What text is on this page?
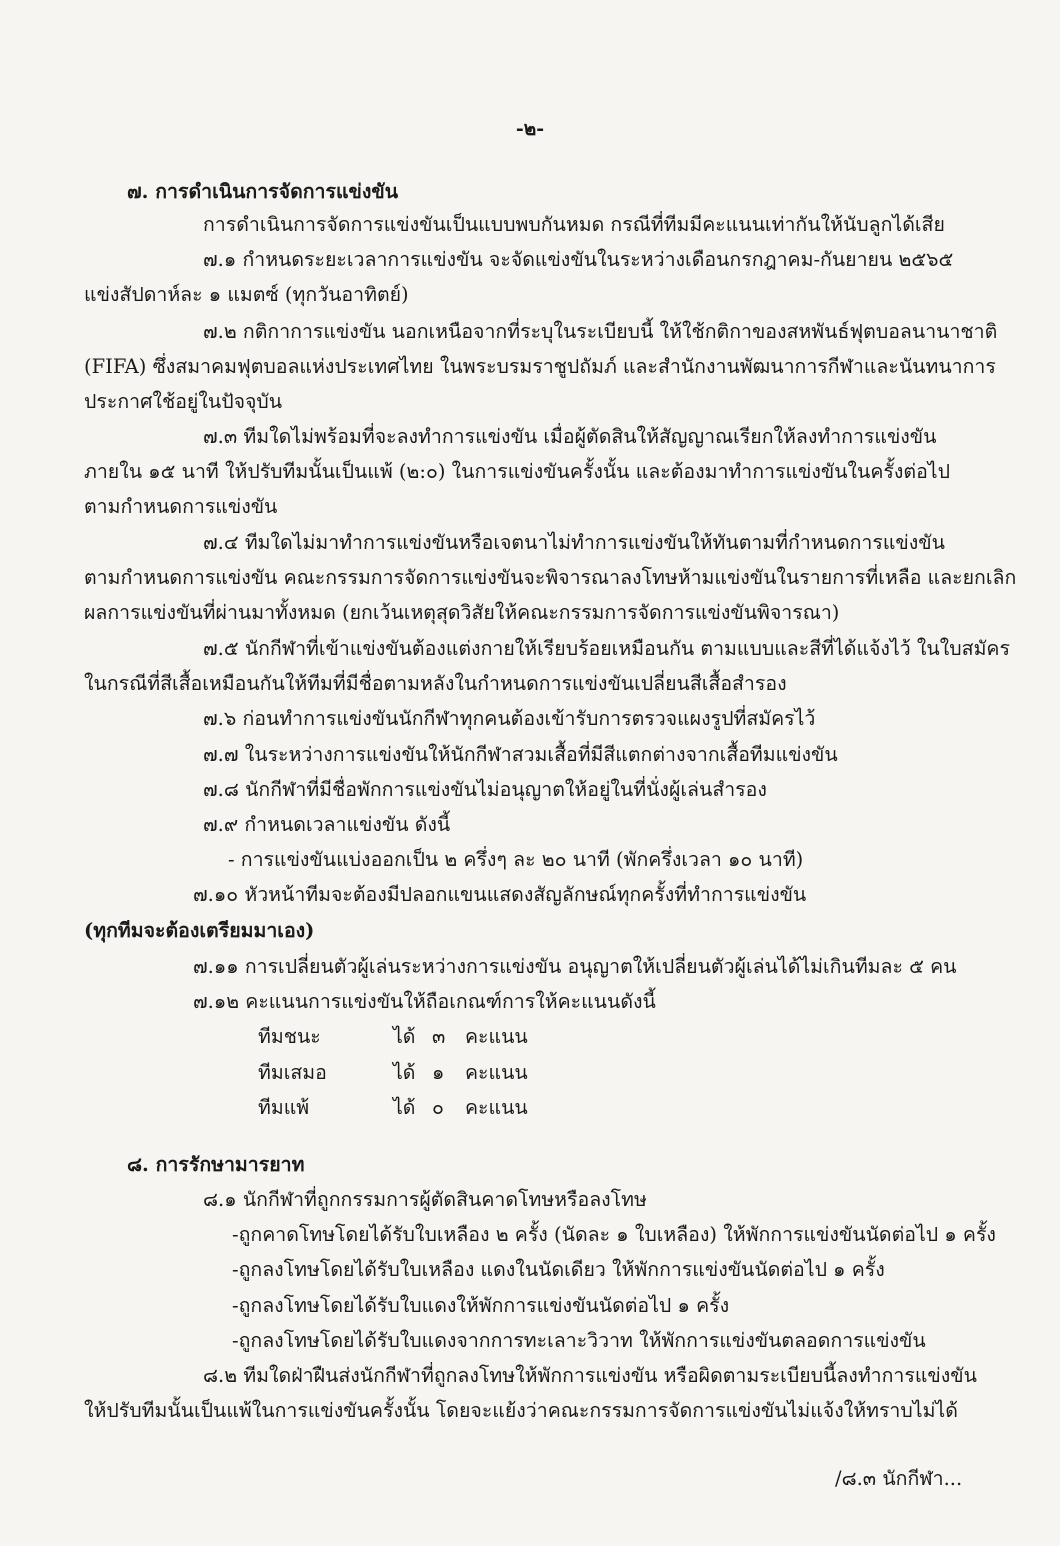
-๒-

๗. การดำเนินการจัดการแข่งขัน

การดำเนินการจัดการแข่งขันเป็นแบบพบกันหมด กรณีที่ทีมมีคะแนนเท่ากันให้นับลูกได้เสีย

๗.๑ กำหนดระยะเวลาการแข่งขัน จะจัดแข่งขันในระหว่างเดือนกรกฎาคม-กันยายน ๒๕๖๕

แข่งสัปดาห์ละ ๑ แมตซ์ (ทุกวันอาทิตย์)

๗.๒ กติกาการแข่งขัน นอกเหนือจากที่ระบุในระเบียบนี้ ให้ใช้กติกาของสหพันธ์ฟุตบอลนานาชาติ

(FIFA) ซึ่งสมาคมฟุตบอลแห่งประเทศไทย ในพระบรมราชูปถัมภ์ และสำนักงานพัฒนาการกีฬาและนันทนาการ

ประกาศใช้อยู่ในปัจจุบัน

๗.๓ ทีมใดไม่พร้อมที่จะลงทำการแข่งขัน เมื่อผู้ตัดสินให้สัญญาณเรียกให้ลงทำการแข่งขัน

ภายใน ๑๕ นาที ให้ปรับทีมนั้นเป็นแพ้ (๒:๐) ในการแข่งขันครั้งนั้น และต้องมาทำการแข่งขันในครั้งต่อไป

ตามกำหนดการแข่งขัน

๗.๔ ทีมใดไม่มาทำการแข่งขันหรือเจตนาไม่ทำการแข่งขันให้ทันตามที่กำหนดการแข่งขัน

ตามกำหนดการแข่งขัน คณะกรรมการจัดการแข่งขันจะพิจารณาลงโทษห้ามแข่งขันในรายการที่เหลือ และยกเลิก

ผลการแข่งขันที่ผ่านมาทั้งหมด (ยกเว้นเหตุสุดวิสัยให้คณะกรรมการจัดการแข่งขันพิจารณา)

๗.๕ นักกีฬาที่เข้าแข่งขันต้องแต่งกายให้เรียบร้อยเหมือนกัน ตามแบบและสีที่ได้แจ้งไว้ ในใบสมัคร

ในกรณีที่สีเสื้อเหมือนกันให้ทีมที่มีชื่อตามหลังในกำหนดการแข่งขันเปลี่ยนสีเสื้อสำรอง

๗.๖ ก่อนทำการแข่งขันนักกีฬาทุกคนต้องเข้ารับการตรวจแผงรูปที่สมัครไว้

๗.๗ ในระหว่างการแข่งขันให้นักกีฬาสวมเสื้อที่มีสีแตกต่างจากเสื้อทีมแข่งขัน

๗.๘ นักกีฬาที่มีชื่อพักการแข่งขันไม่อนุญาตให้อยู่ในที่นั่งผู้เล่นสำรอง

๗.๙ กำหนดเวลาแข่งขัน ดังนี้

- การแข่งขันแบ่งออกเป็น ๒ ครึ่งๆ ละ ๒๐ นาที (พักครึ่งเวลา ๑๐ นาที)

๗.๑๐ หัวหน้าทีมจะต้องมีปลอกแขนแสดงสัญลักษณ์ทุกครั้งที่ทำการแข่งขัน

(ทุกทีมจะต้องเตรียมมาเอง)

๗.๑๑ การเปลี่ยนตัวผู้เล่นระหว่างการแข่งขัน อนุญาตให้เปลี่ยนตัวผู้เล่นได้ไม่เกินทีมละ ๕ คน

๗.๑๒ คะแนนการแข่งขันให้ถือเกณฑ์การให้คะแนนดังนี้

ทีมชนะ	ได้ ๓ คะแนน
ทีมเสมอ	ได้ ๑ คะแนน
ทีมแพ้	ได้ ๐ คะแนน

๘. การรักษามารยาท

๘.๑ นักกีฬาที่ถูกกรรมการผู้ตัดสินคาดโทษหรือลงโทษ

-ถูกคาดโทษโดยได้รับใบเหลือง ๒ ครั้ง (นัดละ ๑ ใบเหลือง) ให้พักการแข่งขันนัดต่อไป ๑ ครั้ง

-ถูกลงโทษโดยได้รับใบเหลือง แดงในนัดเดียว ให้พักการแข่งขันนัดต่อไป ๑ ครั้ง

-ถูกลงโทษโดยได้รับใบแดงให้พักการแข่งขันนัดต่อไป ๑ ครั้ง

-ถูกลงโทษโดยได้รับใบแดงจากการทะเลาะวิวาท ให้พักการแข่งขันตลอดการแข่งขัน

๘.๒ ทีมใดฝ่าฝืนส่งนักกีฬาที่ถูกลงโทษให้พักการแข่งขัน หรือผิดตามระเบียบนี้ลงทำการแข่งขัน

ให้ปรับทีมนั้นเป็นแพ้ในการแข่งขันครั้งนั้น โดยจะแย้งว่าคณะกรรมการจัดการแข่งขันไม่แจ้งให้ทราบไม่ได้

/๘.๓ นักกีฬา...
